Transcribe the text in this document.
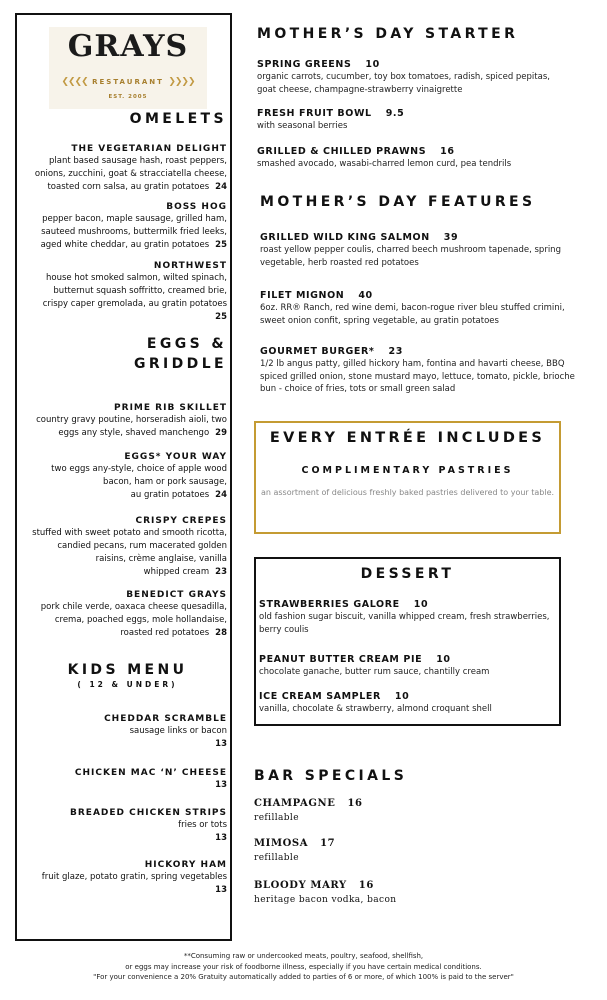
GRAYS
❮❮❮❮ RESTAURANT ❯❯❯❯
EST. 2005
OMELETS
THE VEGETARIAN DELIGHT
plant based sausage hash, roast peppers,
onions, zucchini, goat & stracciatella cheese,
toasted corn salsa, au gratin potatoes 24
BOSS HOG
pepper bacon, maple sausage, grilled ham,
sauteed mushrooms, buttermilk fried leeks,
aged white cheddar, au gratin potatoes 25
NORTHWEST
house hot smoked salmon, wilted spinach,
butternut squash soffritto, creamed brie,
crispy caper gremolada, au gratin potatoes
25
EGGS &
GRIDDLE
PRIME RIB SKILLET
country gravy poutine, horseradish aioli, two
eggs any style, shaved manchengo 29
EGGS* YOUR WAY
two eggs any-style, choice of apple wood
bacon, ham or pork sausage,
au gratin potatoes 24
CRISPY CREPES
stuffed with sweet potato and smooth ricotta,
candied pecans, rum macerated golden
raisins, crème anglaise, vanilla
whipped cream 23
BENEDICT GRAYS
pork chile verde, oaxaca cheese quesadilla,
crema, poached eggs, mole hollandaise,
roasted red potatoes 28
KIDS MENU
( 12 & UNDER)
CHEDDAR SCRAMBLE
sausage links or bacon
13
CHICKEN MAC ‘N’ CHEESE
13
BREADED CHICKEN STRIPS
fries or tots
13
HICKORY HAM
fruit glaze, potato gratin, spring vegetables
13
MOTHER’S DAY STARTER
SPRING GREENS 10
organic carrots, cucumber, toy box tomatoes, radish, spiced pepitas,
goat cheese, champagne-strawberry vinaigrette
FRESH FRUIT BOWL 9.5
with seasonal berries
GRILLED & CHILLED PRAWNS 16
smashed avocado, wasabi-charred lemon curd, pea tendrils
MOTHER’S DAY FEATURES
GRILLED WILD KING SALMON 39
roast yellow pepper coulis, charred beech mushroom tapenade, spring
vegetable, herb roasted red potatoes
FILET MIGNON 40
6oz. RR® Ranch, red wine demi, bacon-rogue river bleu stuffed crimini,
sweet onion confit, spring vegetable, au gratin potatoes
GOURMET BURGER* 23
1/2 lb angus patty, gilled hickory ham, fontina and havarti cheese, BBQ
spiced grilled onion, stone mustard mayo, lettuce, tomato, pickle, brioche
bun - choice of fries, tots or small green salad
EVERY ENTRÉE INCLUDES
COMPLIMENTARY PASTRIES
an assortment of delicious freshly baked pastries delivered to your table.
DESSERT
STRAWBERRIES GALORE 10
old fashion sugar biscuit, vanilla whipped cream, fresh strawberries,
berry coulis
PEANUT BUTTER CREAM PIE 10
chocolate ganache, butter rum sauce, chantilly cream
ICE CREAM SAMPLER 10
vanilla, chocolate & strawberry, almond croquant shell
BAR SPECIALS
CHAMPAGNE 16
refillable
MIMOSA 17
refillable
BLOODY MARY 16
heritage bacon vodka, bacon
**Consuming raw or undercooked meats, poultry, seafood, shellfish,
or eggs may increase your risk of foodborne illness, especially if you have certain medical conditions.
"For your convenience a 20% Gratuity automatically added to parties of 6 or more, of which 100% is paid to the server"
